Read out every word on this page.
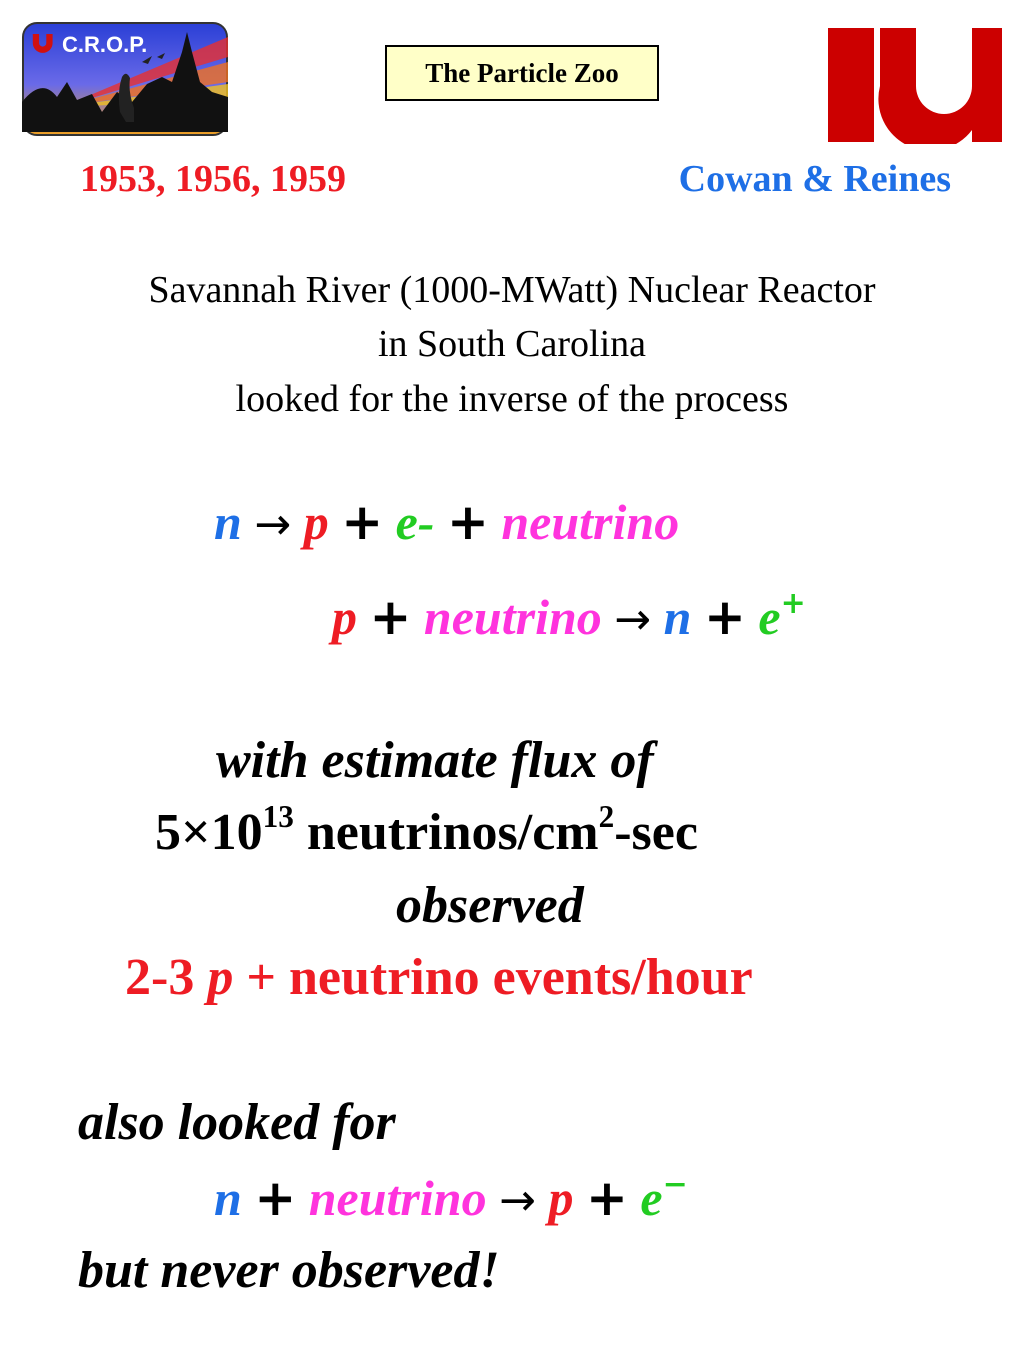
C.R.O.P.
The Particle Zoo
1953, 1956, 1959	Cowan & Reines
Savannah River (1000-MWatt) Nuclear Reactor
in South Carolina
looked for the inverse of the process
n → p + e- + neutrino
p + neutrino → n + e+
with estimate flux of
$5\times 10^{13}$ neutrinos/$cm^2-\sec$
observed
2-3 p + neutrino events/hour
also looked for
n + neutrino → p + e−
but never observed!
